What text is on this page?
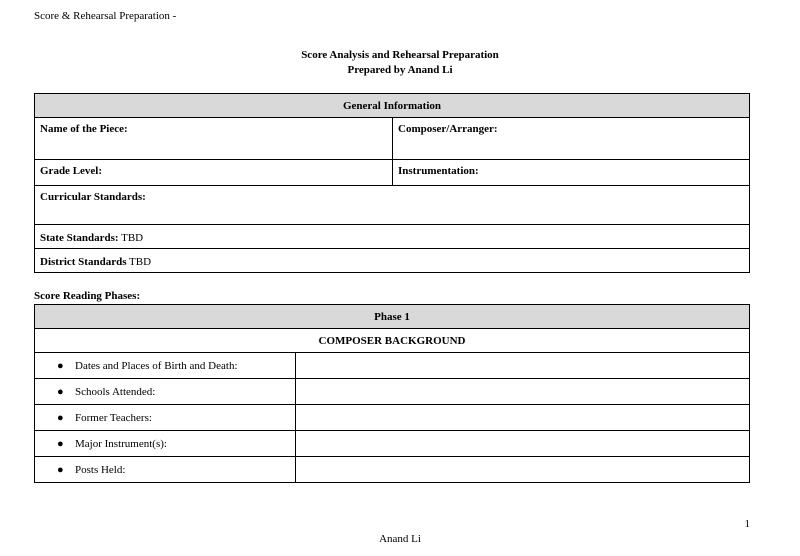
Score & Rehearsal Preparation -
Score Analysis and Rehearsal Preparation
Prepared by Anand Li
General Information	
Name of the Piece:	Composer/Arranger:
Grade Level:	Instrumentation:
Curricular Standards:	
State Standards: TBD	
District Standards TBD	
Score Reading Phases:
Phase 1	
COMPOSER BACKGROUND	
● Dates and Places of Birth and Death:	
● Schools Attended:	
● Former Teachers:	
● Major Instrument(s):	
● Posts Held:	
1
Anand Li
